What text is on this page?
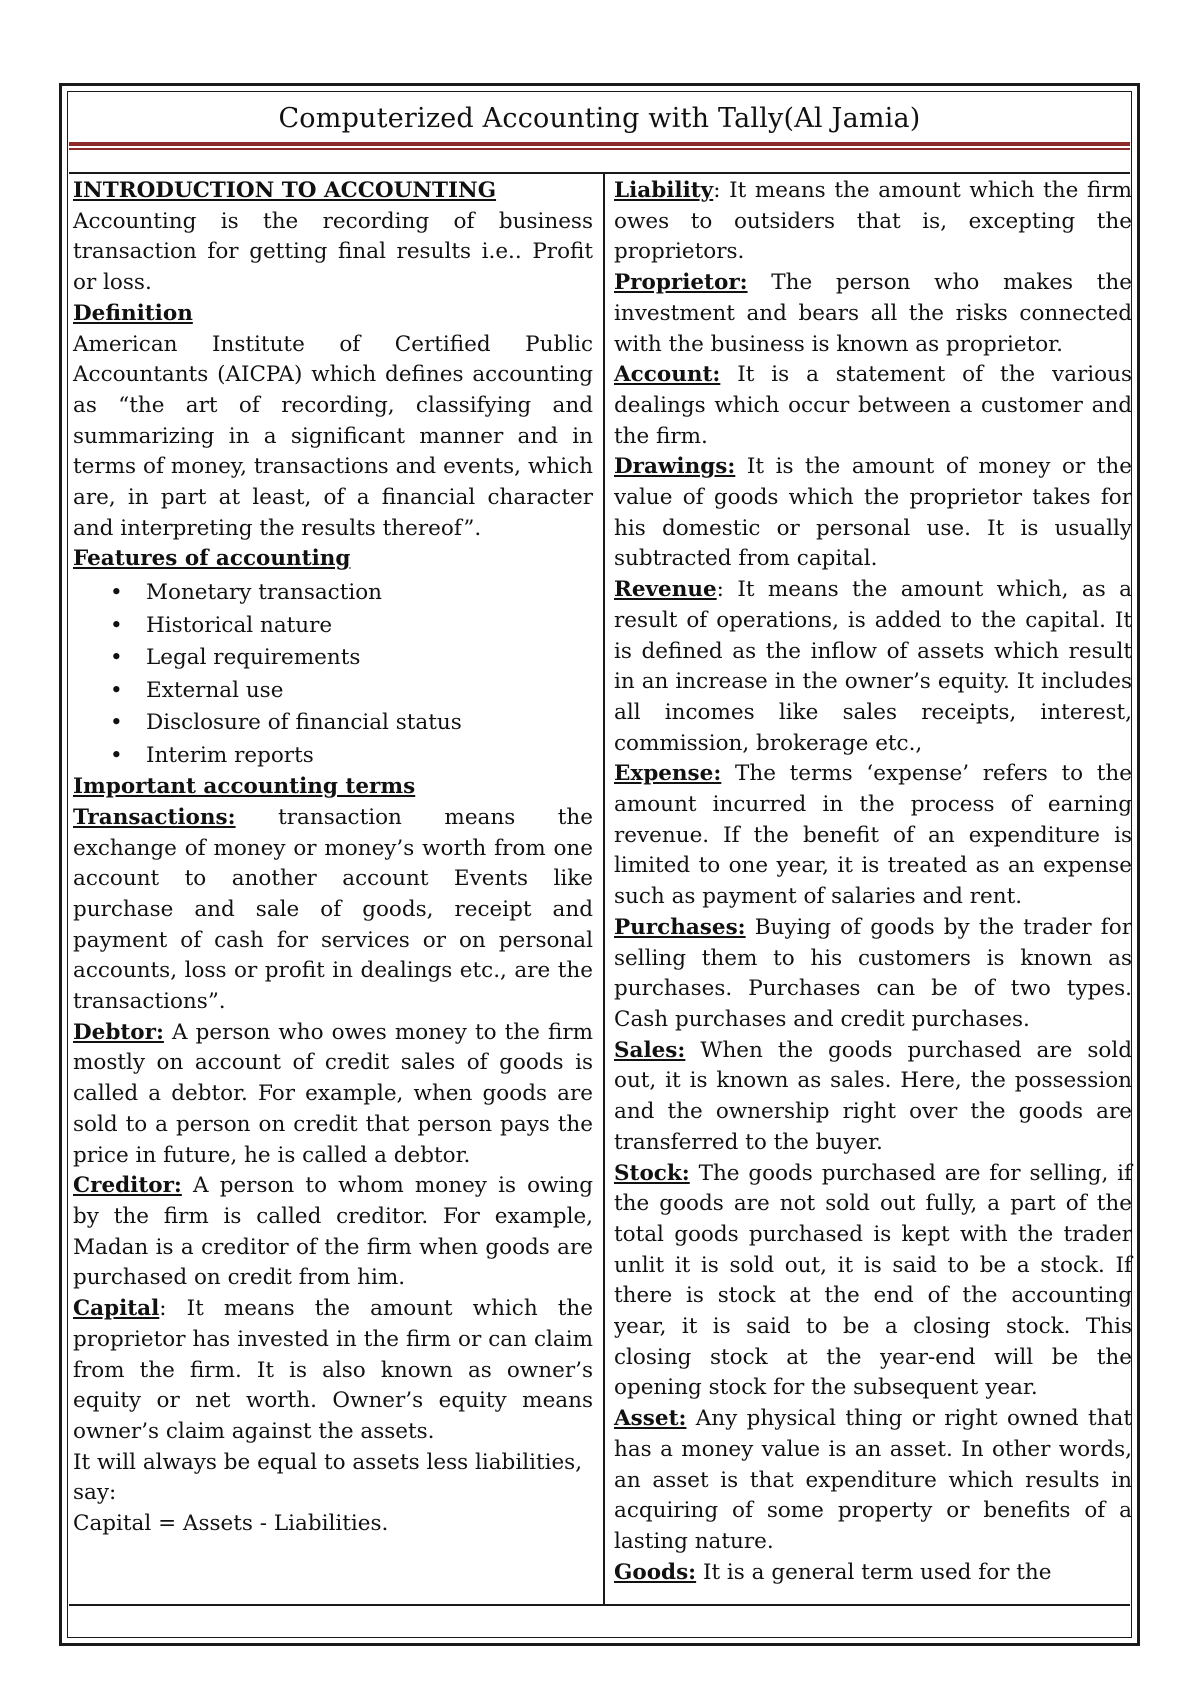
Computerized Accounting with Tally(Al Jamia)
INTRODUCTION TO ACCOUNTING

Accounting is the recording of business transaction for getting final results i.e.. Profit or loss.

Definition

American Institute of Certified Public Accountants (AICPA) which defines accounting as “the art of recording, classifying and summarizing in a significant manner and in terms of money, transactions and events, which are, in part at least, of a financial character and interpreting the results thereof”.

Features of accounting
• Monetary transaction
• Historical nature
• Legal requirements
• External use
• Disclosure of financial status
• Interim reports
Important accounting terms

Transactions: transaction means the exchange of money or money’s worth from one account to another account Events like purchase and sale of goods, receipt and payment of cash for services or on personal accounts, loss or profit in dealings etc., are the transactions”.

Debtor: A person who owes money to the firm mostly on account of credit sales of goods is called a debtor. For example, when goods are sold to a person on credit that person pays the price in future, he is called a debtor.

Creditor: A person to whom money is owing by the firm is called creditor. For example, Madan is a creditor of the firm when goods are purchased on credit from him.

Capital: It means the amount which the proprietor has invested in the firm or can claim from the firm. It is also known as owner’s equity or net worth. Owner’s equity means owner’s claim against the assets.

It will always be equal to assets less liabilities, say:

Capital = Assets - Liabilities.

Liability: It means the amount which the firm owes to outsiders that is, excepting the proprietors.

Proprietor: The person who makes the investment and bears all the risks connected with the business is known as proprietor.

Account: It is a statement of the various dealings which occur between a customer and the firm.

Drawings: It is the amount of money or the value of goods which the proprietor takes for his domestic or personal use. It is usually subtracted from capital.

Revenue: It means the amount which, as a result of operations, is added to the capital. It is defined as the inflow of assets which result in an increase in the owner’s equity. It includes all incomes like sales receipts, interest, commission, brokerage etc.,

Expense: The terms ‘expense’ refers to the amount incurred in the process of earning revenue. If the benefit of an expenditure is limited to one year, it is treated as an expense such as payment of salaries and rent.

Purchases: Buying of goods by the trader for selling them to his customers is known as purchases. Purchases can be of two types. Cash purchases and credit purchases.

Sales: When the goods purchased are sold out, it is known as sales. Here, the possession and the ownership right over the goods are transferred to the buyer.

Stock: The goods purchased are for selling, if the goods are not sold out fully, a part of the total goods purchased is kept with the trader unlit it is sold out, it is said to be a stock. If there is stock at the end of the accounting year, it is said to be a closing stock. This closing stock at the year-end will be the opening stock for the subsequent year.

Asset: Any physical thing or right owned that has a money value is an asset. In other words, an asset is that expenditure which results in acquiring of some property or benefits of a lasting nature.

Goods: It is a general term used for the
